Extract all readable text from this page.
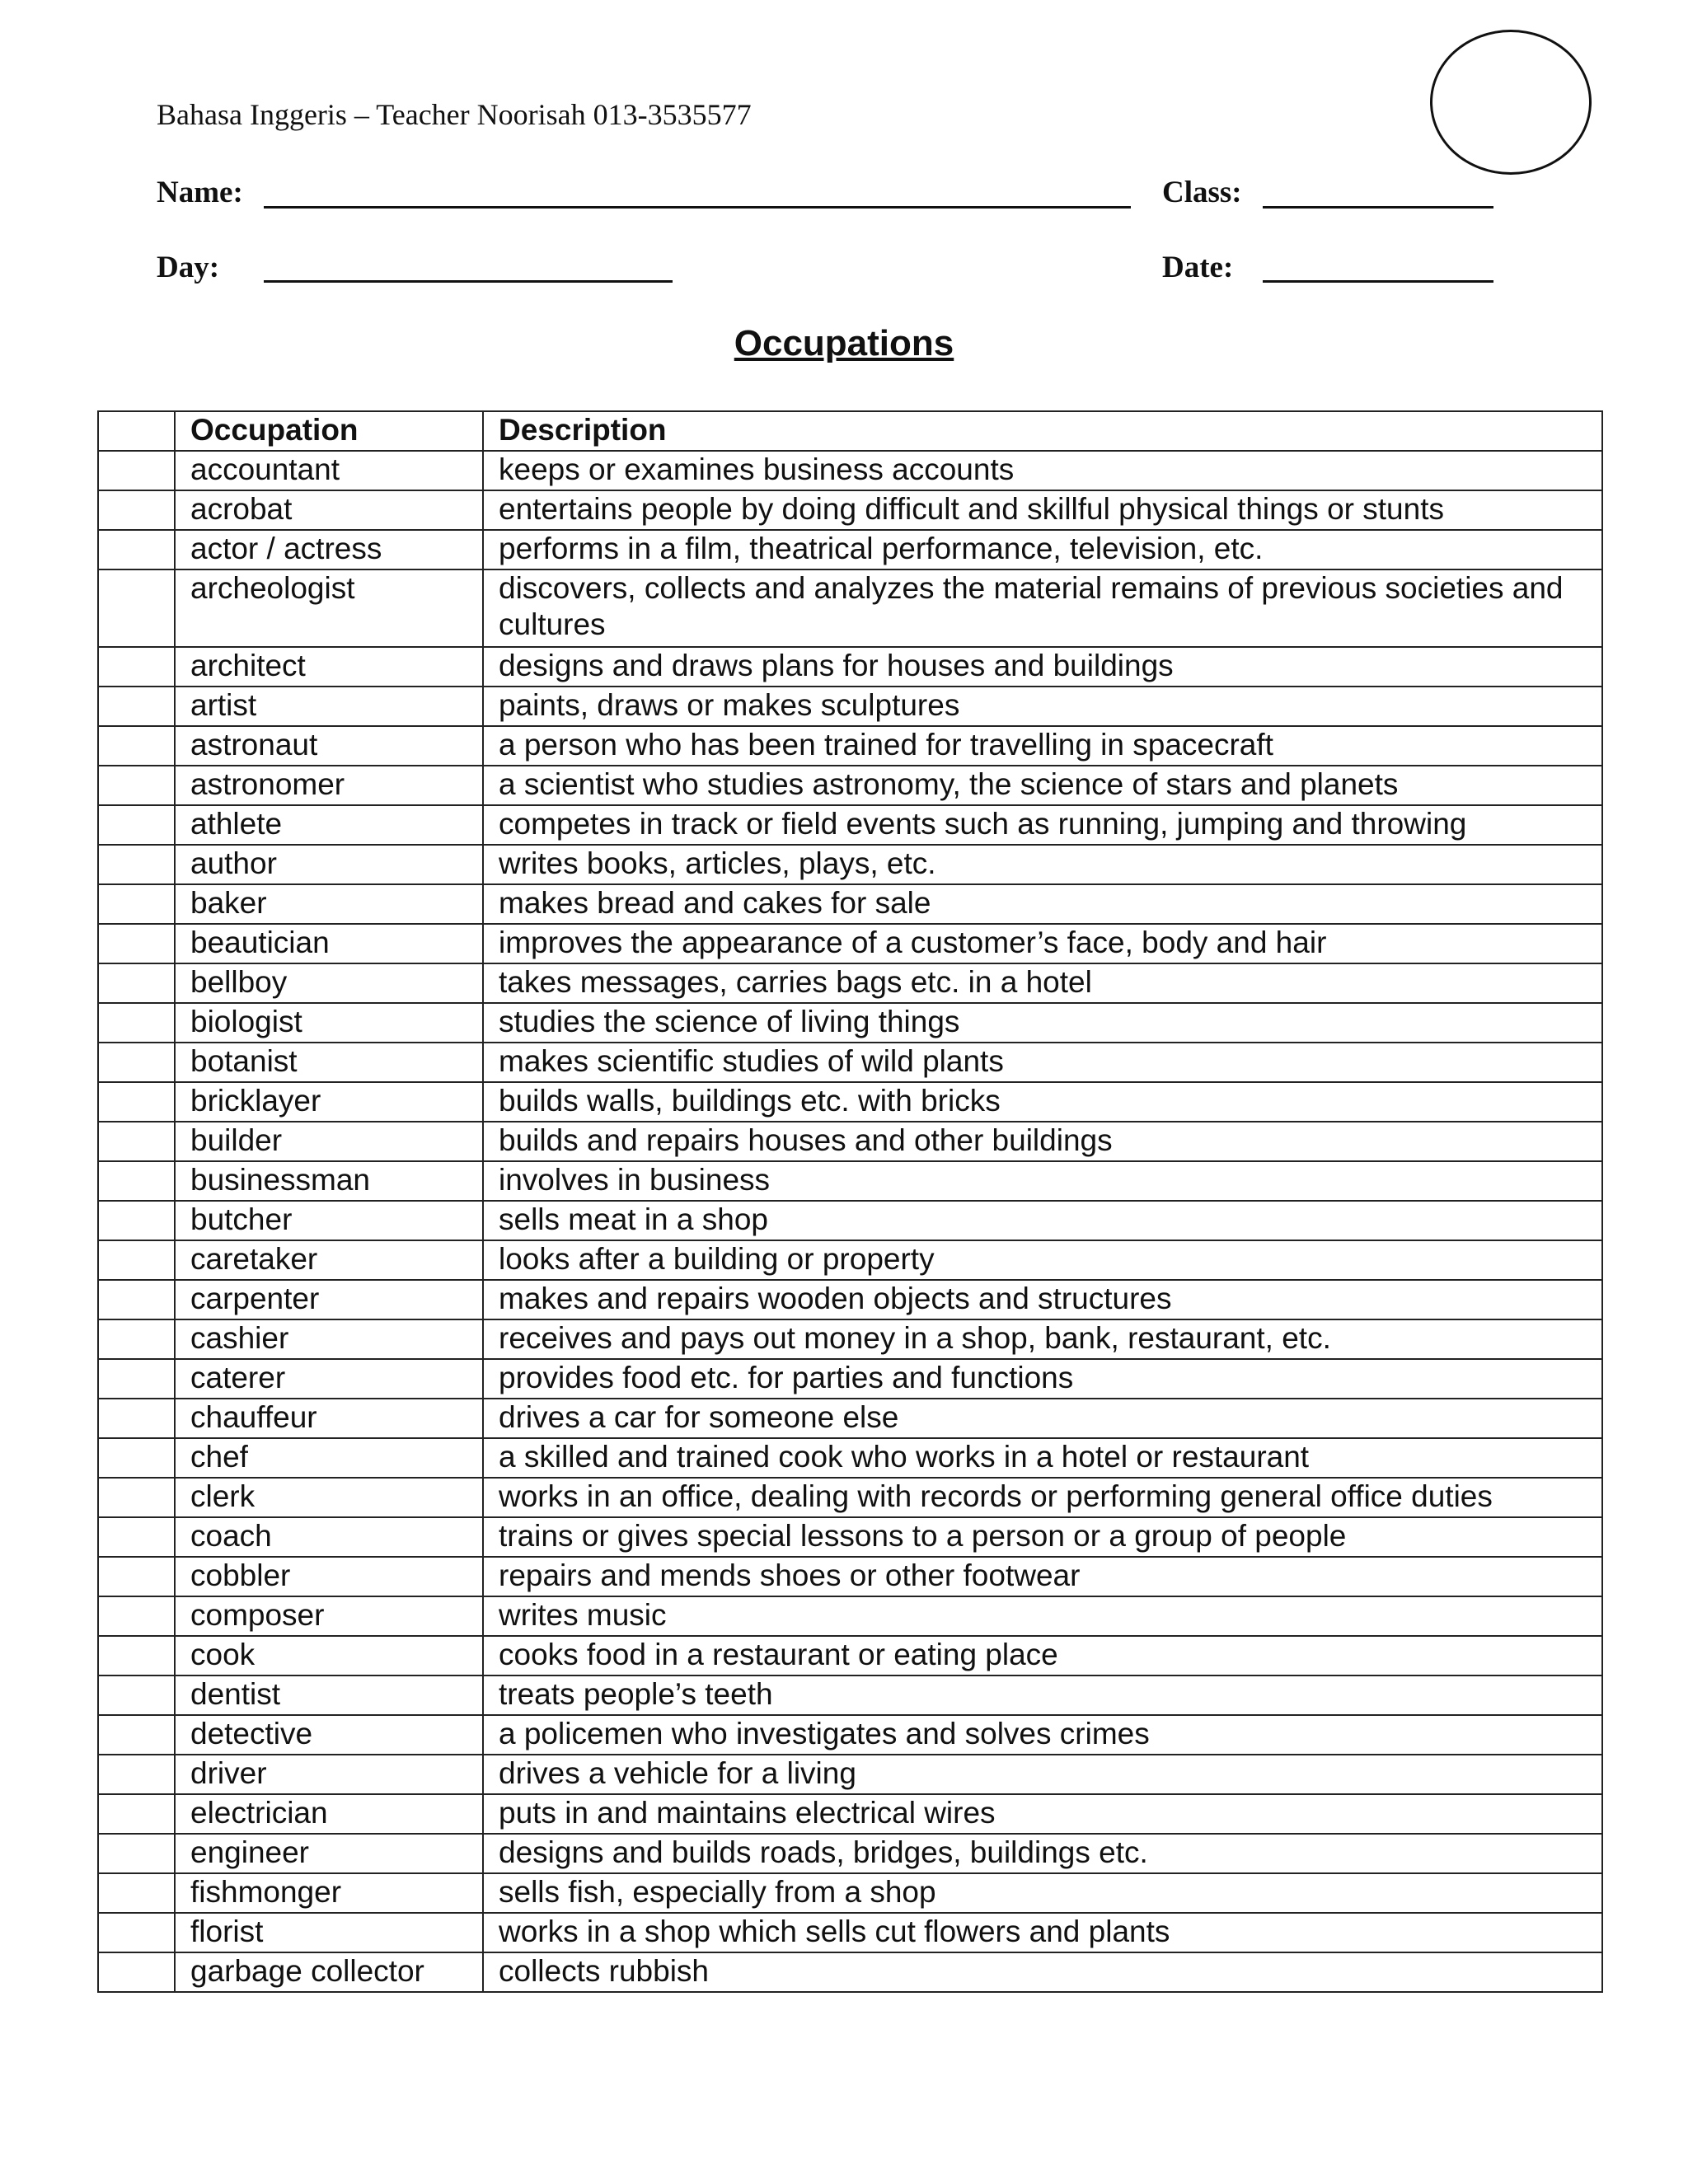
Bahasa Inggeris – Teacher Noorisah 013-3535577
Name:	Class:
Day:	Date:
Occupations
	Occupation	Description
	accountant	keeps or examines business accounts
	acrobat	entertains people by doing difficult and skillful physical things or stunts
	actor / actress	performs in a film, theatrical performance, television, etc.
	archeologist	discovers, collects and analyzes the material remains of previous societies and cultures
	architect	designs and draws plans for houses and buildings
	artist	paints, draws or makes sculptures
	astronaut	a person who has been trained for travelling in spacecraft
	astronomer	a scientist who studies astronomy, the science of stars and planets
	athlete	competes in track or field events such as running, jumping and throwing
	author	writes books, articles, plays, etc.
	baker	makes bread and cakes for sale
	beautician	improves the appearance of a customer’s face, body and hair
	bellboy	takes messages, carries bags etc. in a hotel
	biologist	studies the science of living things
	botanist	makes scientific studies of wild plants
	bricklayer	builds walls, buildings etc. with bricks
	builder	builds and repairs houses and other buildings
	businessman	involves in business
	butcher	sells meat in a shop
	caretaker	looks after a building or property
	carpenter	makes and repairs wooden objects and structures
	cashier	receives and pays out money in a shop, bank, restaurant, etc.
	caterer	provides food etc. for parties and functions
	chauffeur	drives a car for someone else
	chef	a skilled and trained cook who works in a hotel or restaurant
	clerk	works in an office, dealing with records or performing general office duties
	coach	trains or gives special lessons to a person or a group of people
	cobbler	repairs and mends shoes or other footwear
	composer	writes music
	cook	cooks food in a restaurant or eating place
	dentist	treats people’s teeth
	detective	a policemen who investigates and solves crimes
	driver	drives a vehicle for a living
	electrician	puts in and maintains electrical wires
	engineer	designs and builds roads, bridges, buildings etc.
	fishmonger	sells fish, especially from a shop
	florist	works in a shop which sells cut flowers and plants
	garbage collector	collects rubbish
